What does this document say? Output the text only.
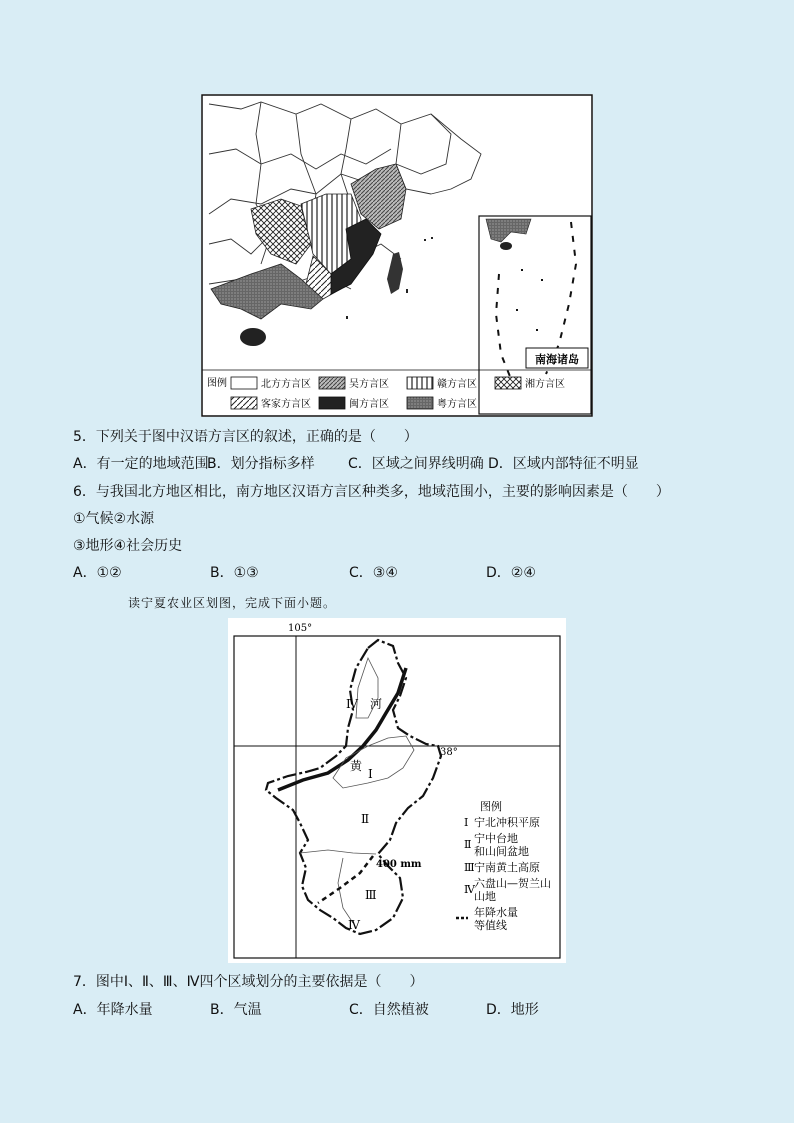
南海诸岛
图例	北方方言区	吴方言区	赣方言区	湘方言区
客家方言区	闽方言区	粤方言区
5．下列关于图中汉语方言区的叙述，正确的是（　　）
A．有一定的地域范围
B．划分指标多样 C．区域之间界线明确 D．区域内部特征不明显
6．与我国北方地区相比，南方地区汉语方言区种类多，地域范围小，主要的影响因素是（　　）
①气候②水源
③地形④社会历史
A．①②	B．①③	C．③④	D．②④
读宁夏农业区划图，完成下面小题。
105°
38°
400 mm
河
黄
Ⅰ
Ⅱ
Ⅲ
Ⅳ
Ⅳ
图例
Ⅰ 宁北冲积平原
Ⅱ 宁中台地
和山间盆地
Ⅲ 宁南黄土高原
Ⅳ 六盘山—贺兰山
山地
年降水量
等值线
7．图中Ⅰ、Ⅱ、Ⅲ、Ⅳ四个区域划分的主要依据是（　　）
A．年降水量	B．气温	C．自然植被	D．地形
